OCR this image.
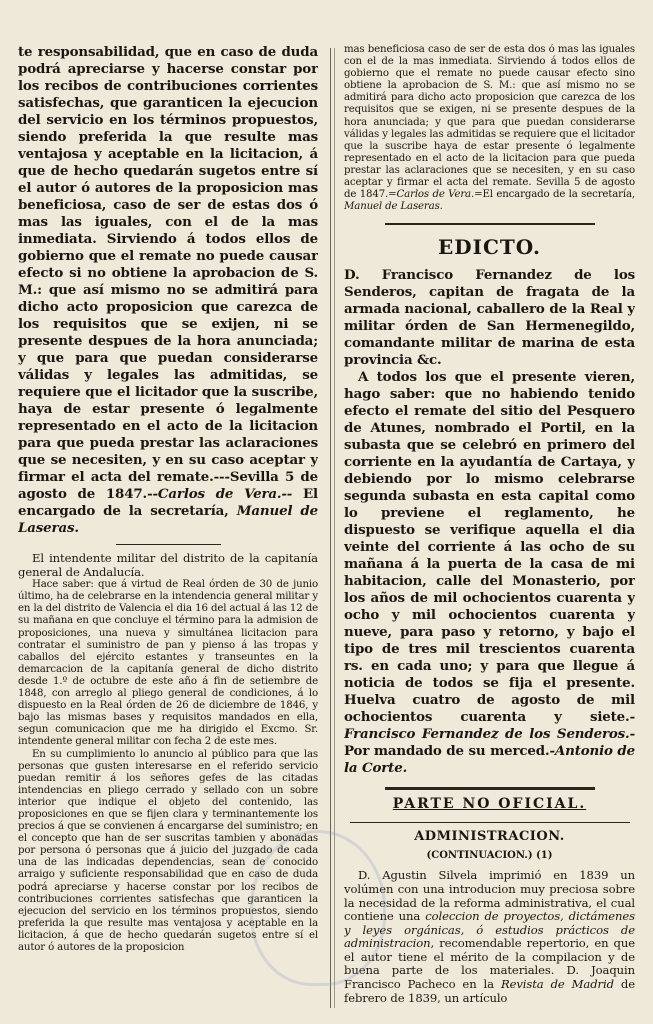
te responsabilidad, que en caso de duda podrá apreciarse y hacerse constar por los recibos de contribuciones corrientes satisfechas, que garanticen la ejecucion del servicio en los términos propuestos, siendo preferida la que resulte mas ventajosa y aceptable en la licitacion, á que de hecho quedarán sugetos entre sí el autor ó autores de la proposicion mas beneficiosa, caso de ser de estas dos ó mas las iguales, con el de la mas inmediata. Sirviendo á todos ellos de gobierno que el remate no puede causar efecto si no obtiene la aprobacion de S. M.: que así mismo no se admitirá para dicho acto proposicion que carezca de los requisitos que se exijen, ni se presente despues de la hora anunciada; y que para que puedan considerarse válidas y legales las admitidas, se requiere que el licitador que la suscribe, haya de estar presente ó legalmente representado en el acto de la licitacion para que pueda prestar las aclaraciones que se necesiten, y en su caso aceptar y firmar el acta del remate.---Sevilla 5 de agosto de 1847.--Carlos de Vera.-- El encargado de la secretaría, Manuel de Laseras.

El intendente militar del distrito de la capitanía general de Andalucía.

Hace saber: que á virtud de Real órden de 30 de junio último, ha de celebrarse en la intendencia general militar y en la del distrito de Valencia el dia 16 del actual á las 12 de su mañana en que concluye el término para la admision de proposiciones, una nueva y simultánea licitacion para contratar el suministro de pan y pienso á las tropas y caballos del ejército estantes y transeuntes en la demarcacion de la capitanía general de dicho distrito desde 1.º de octubre de este año á fin de setiembre de 1848, con arreglo al pliego general de condiciones, á lo dispuesto en la Real órden de 26 de diciembre de 1846, y bajo las mismas bases y requisitos mandados en ella, segun comunicacion que me ha dirigido el Excmo. Sr. intendente general militar con fecha 2 de este mes.

En su cumplimiento lo anuncio al público para que las personas que gusten interesarse en el referido servicio puedan remitir á los señores gefes de las citadas intendencias en pliego cerrado y sellado con un sobre interior que indique el objeto del contenido, las proposiciones en que se fijen clara y terminantemente los precios á que se convienen á encargarse del suministro; en el concepto que han de ser suscritas tambien y abonadas por persona ó personas que á juicio del juzgado de cada una de las indicadas dependencias, sean de conocido arraigo y suficiente responsabilidad que en caso de duda podrá apreciarse y hacerse constar por los recibos de contribuciones corrientes satisfechas que garanticen la ejecucion del servicio en los términos propuestos, siendo preferida la que resulte mas ventajosa y aceptable en la licitacion, á que de hecho quedarán sugetos entre sí el autor ó autores de la proposicion

mas beneficiosa caso de ser de esta dos ó mas las iguales con el de la mas inmediata. Sirviendo á todos ellos de gobierno que el remate no puede causar efecto sino obtiene la aprobacion de S. M.: que así mismo no se admitirá para dicho acto proposicion que carezca de los requisitos que se exigen, ni se presente despues de la hora anunciada; y que para que puedan considerarse válidas y legales las admitidas se requiere que el licitador que la suscribe haya de estar presente ó legalmente representado en el acto de la licitacion para que pueda prestar las aclaraciones que se necesiten, y en su caso aceptar y firmar el acta del remate. Sevilla 5 de agosto de 1847.=Carlos de Vera.=El encargado de la secretaría, Manuel de Laseras.

EDICTO.

D. Francisco Fernandez de los Senderos, capitan de fragata de la armada nacional, caballero de la Real y militar órden de San Hermenegildo, comandante militar de marina de esta provincia &c.

A todos los que el presente vieren, hago saber: que no habiendo tenido efecto el remate del sitio del Pesquero de Atunes, nombrado el Portil, en la subasta que se celebró en primero del corriente en la ayudantía de Cartaya, y debiendo por lo mismo celebrarse segunda subasta en esta capital como lo previene el reglamento, he dispuesto se verifique aquella el dia veinte del corriente á las ocho de su mañana á la puerta de la casa de mi habitacion, calle del Monasterio, por los años de mil ochocientos cuarenta y ocho y mil ochocientos cuarenta y nueve, para paso y retorno, y bajo el tipo de tres mil trescientos cuarenta rs. en cada uno; y para que llegue á noticia de todos se fija el presente. Huelva cuatro de agosto de mil ochocientos cuarenta y siete.-Francisco Fernandez de los Senderos.-Por mandado de su merced.-Antonio de la Corte.

PARTE NO OFICIAL.
ADMINISTRACION.
(CONTINUACION.) (1)

D. Agustin Silvela imprimió en 1839 un volúmen con una introducion muy preciosa sobre la necesidad de la reforma administrativa, el cual contiene una coleccion de proyectos, dictámenes y leyes orgánicas, ó estudios prácticos de administracion, recomendable repertorio, en que el autor tiene el mérito de la compilacion y de buena parte de los materiales. D. Joaquin Francisco Pacheco en la Revista de Madrid de febrero de 1839, un artículo
